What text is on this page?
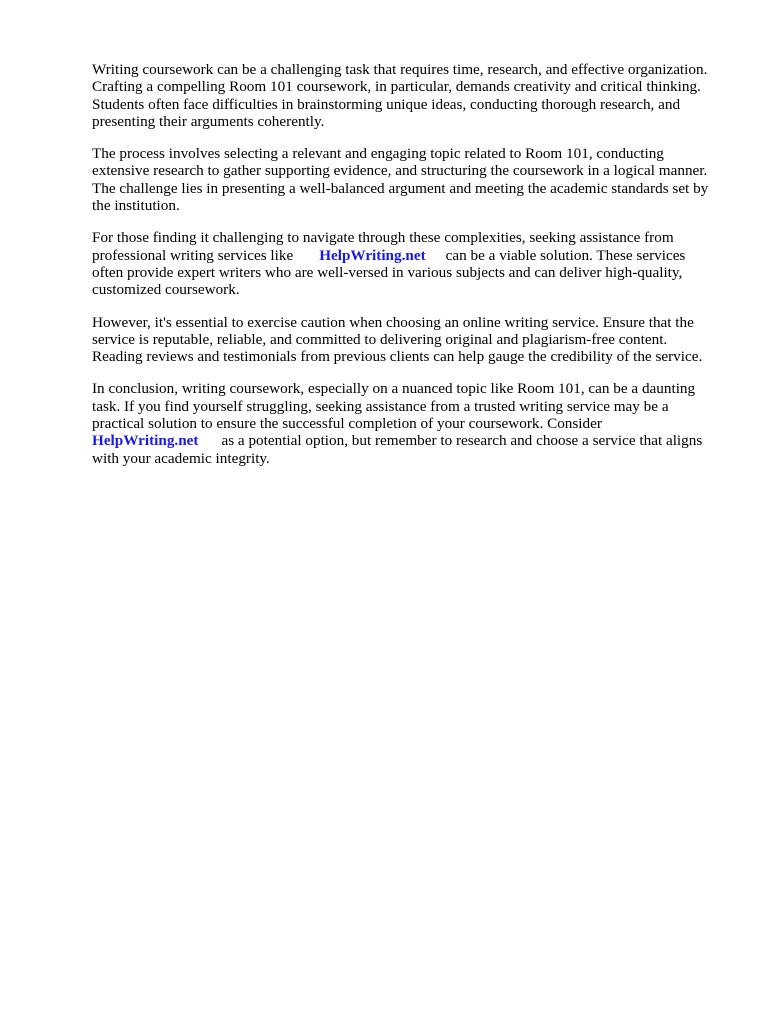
Writing coursework can be a challenging task that requires time, research, and effective organization.
Crafting a compelling Room 101 coursework, in particular, demands creativity and critical thinking.
Students often face difficulties in brainstorming unique ideas, conducting thorough research, and
presenting their arguments coherently.
The process involves selecting a relevant and engaging topic related to Room 101, conducting
extensive research to gather supporting evidence, and structuring the coursework in a logical manner.
The challenge lies in presenting a well-balanced argument and meeting the academic standards set by
the institution.
For those finding it challenging to navigate through these complexities, seeking assistance from
professional writing services like HelpWriting.net can be a viable solution. These services
often provide expert writers who are well-versed in various subjects and can deliver high-quality,
customized coursework.
However, it's essential to exercise caution when choosing an online writing service. Ensure that the
service is reputable, reliable, and committed to delivering original and plagiarism-free content.
Reading reviews and testimonials from previous clients can help gauge the credibility of the service.
In conclusion, writing coursework, especially on a nuanced topic like Room 101, can be a daunting
task. If you find yourself struggling, seeking assistance from a trusted writing service may be a
practical solution to ensure the successful completion of your coursework. Consider
HelpWriting.net as a potential option, but remember to research and choose a service that aligns
with your academic integrity.
